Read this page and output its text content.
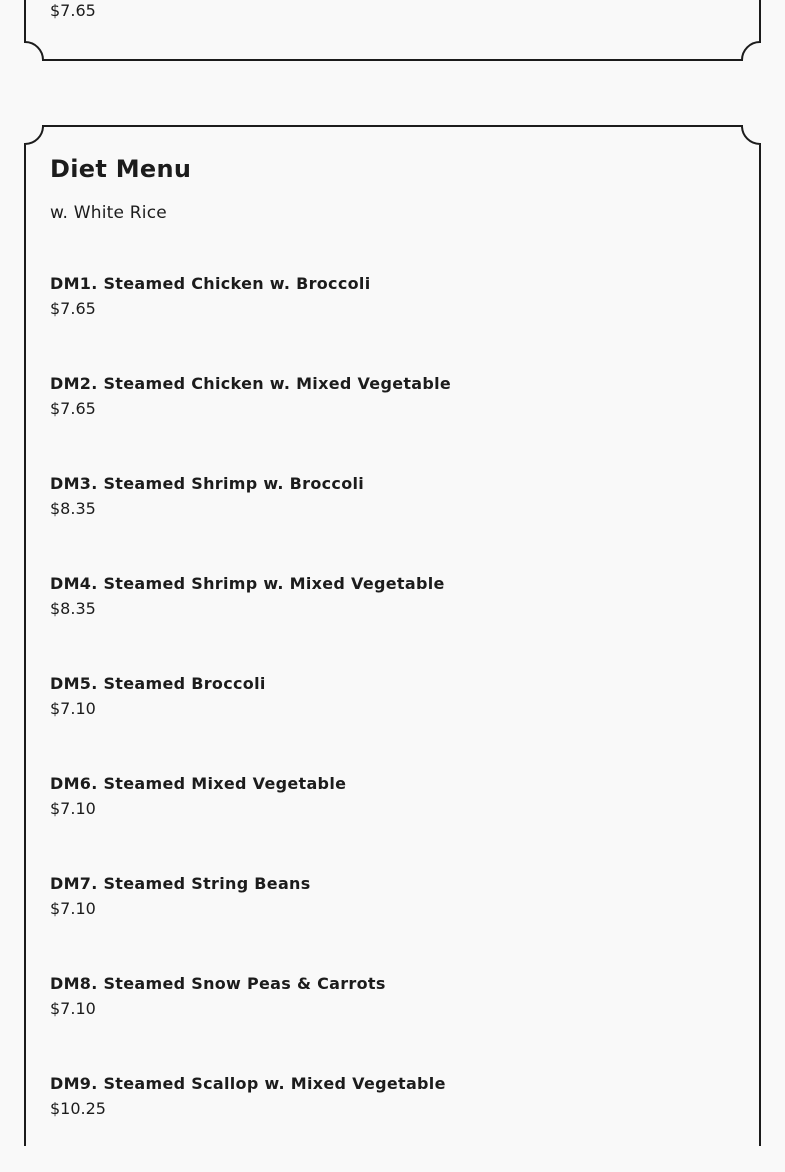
$7.65
Diet Menu

w. White Rice

DM1. Steamed Chicken w. Broccoli
$7.65
DM2. Steamed Chicken w. Mixed Vegetable
$7.65
DM3. Steamed Shrimp w. Broccoli
$8.35
DM4. Steamed Shrimp w. Mixed Vegetable
$8.35
DM5. Steamed Broccoli
$7.10
DM6. Steamed Mixed Vegetable
$7.10
DM7. Steamed String Beans
$7.10
DM8. Steamed Snow Peas & Carrots
$7.10
DM9. Steamed Scallop w. Mixed Vegetable
$10.25
